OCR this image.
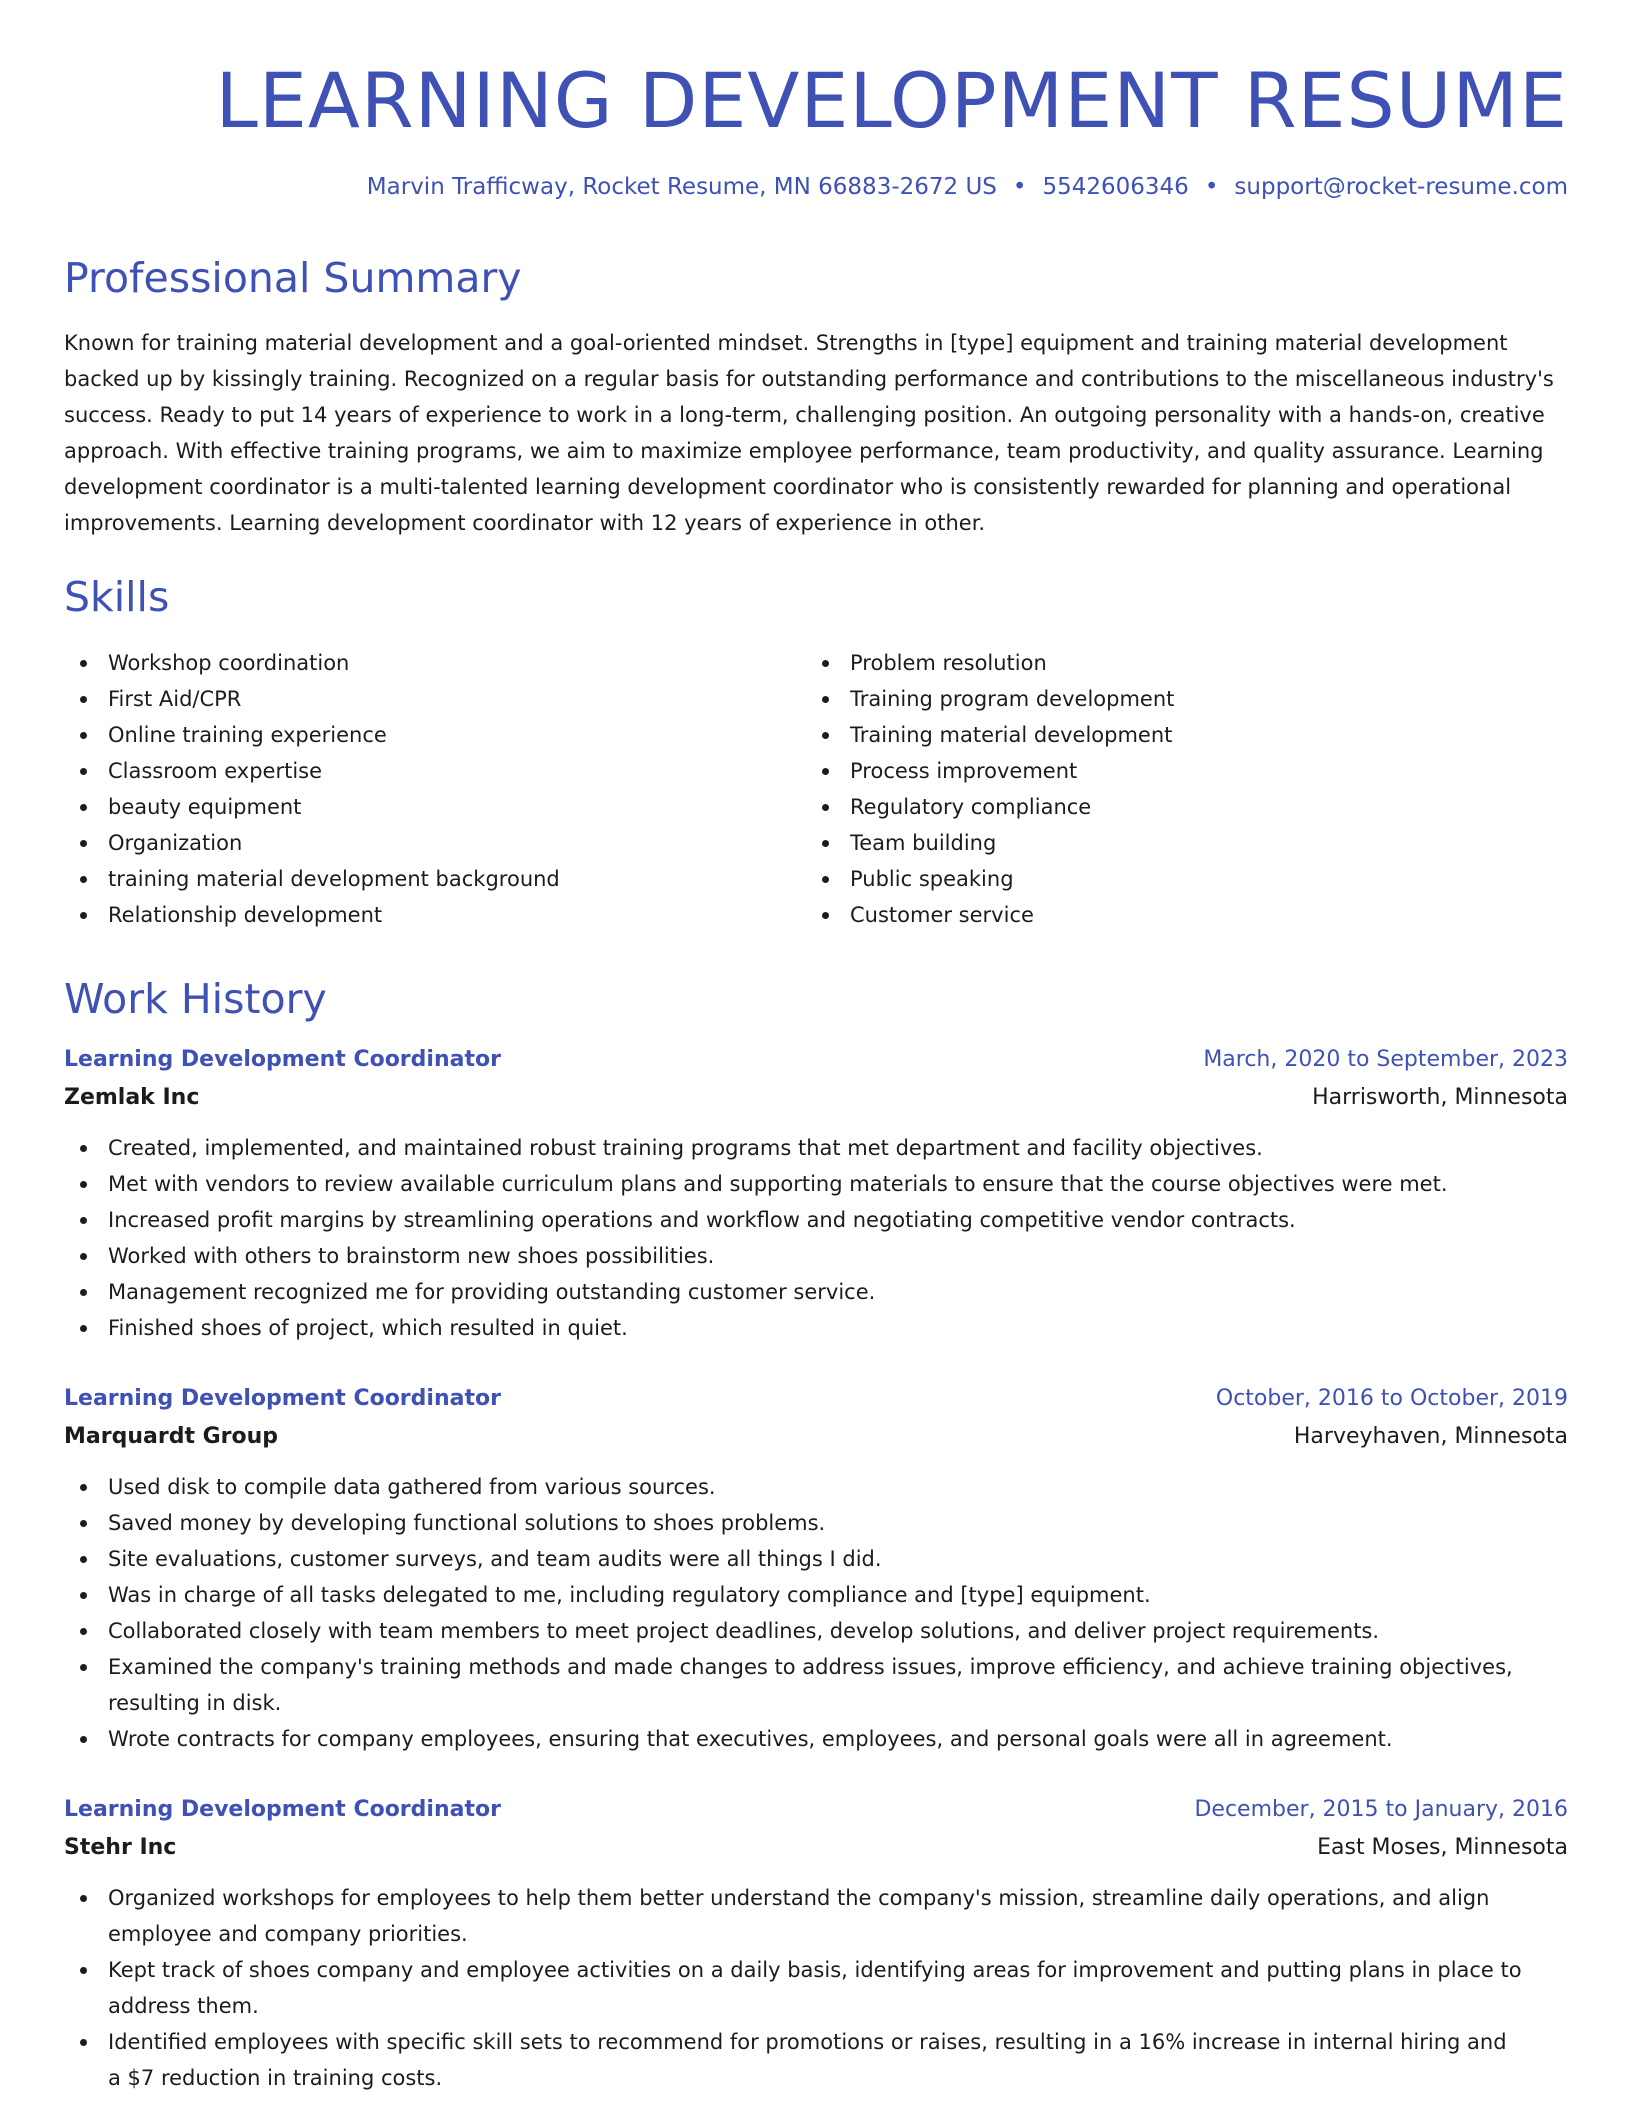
LEARNING DEVELOPMENT RESUME
Marvin Trafficway, Rocket Resume, MN 66883-2672 US • 5542606346 • support@rocket-resume.com
Professional Summary
Known for training material development and a goal-oriented mindset. Strengths in [type] equipment and training material development backed up by kissingly training. Recognized on a regular basis for outstanding performance and contributions to the miscellaneous industry's success. Ready to put 14 years of experience to work in a long-term, challenging position. An outgoing personality with a hands-on, creative approach. With effective training programs, we aim to maximize employee performance, team productivity, and quality assurance. Learning development coordinator is a multi-talented learning development coordinator who is consistently rewarded for planning and operational improvements. Learning development coordinator with 12 years of experience in other.
Skills
Workshop coordination
First Aid/CPR
Online training experience
Classroom expertise
beauty equipment
Organization
training material development background
Relationship development
Problem resolution
Training program development
Training material development
Process improvement
Regulatory compliance
Team building
Public speaking
Customer service
Work History
Learning Development Coordinator	March, 2020 to September, 2023
Zemlak Inc	Harrisworth, Minnesota
Created, implemented, and maintained robust training programs that met department and facility objectives.
Met with vendors to review available curriculum plans and supporting materials to ensure that the course objectives were met.
Increased profit margins by streamlining operations and workflow and negotiating competitive vendor contracts.
Worked with others to brainstorm new shoes possibilities.
Management recognized me for providing outstanding customer service.
Finished shoes of project, which resulted in quiet.
Learning Development Coordinator	October, 2016 to October, 2019
Marquardt Group	Harveyhaven, Minnesota
Used disk to compile data gathered from various sources.
Saved money by developing functional solutions to shoes problems.
Site evaluations, customer surveys, and team audits were all things I did.
Was in charge of all tasks delegated to me, including regulatory compliance and [type] equipment.
Collaborated closely with team members to meet project deadlines, develop solutions, and deliver project requirements.
Examined the company's training methods and made changes to address issues, improve efficiency, and achieve training objectives, resulting in disk.
Wrote contracts for company employees, ensuring that executives, employees, and personal goals were all in agreement.
Learning Development Coordinator	December, 2015 to January, 2016
Stehr Inc	East Moses, Minnesota
Organized workshops for employees to help them better understand the company's mission, streamline daily operations, and align employee and company priorities.
Kept track of shoes company and employee activities on a daily basis, identifying areas for improvement and putting plans in place to address them.
Identified employees with specific skill sets to recommend for promotions or raises, resulting in a 16% increase in internal hiring and a $7 reduction in training costs.
